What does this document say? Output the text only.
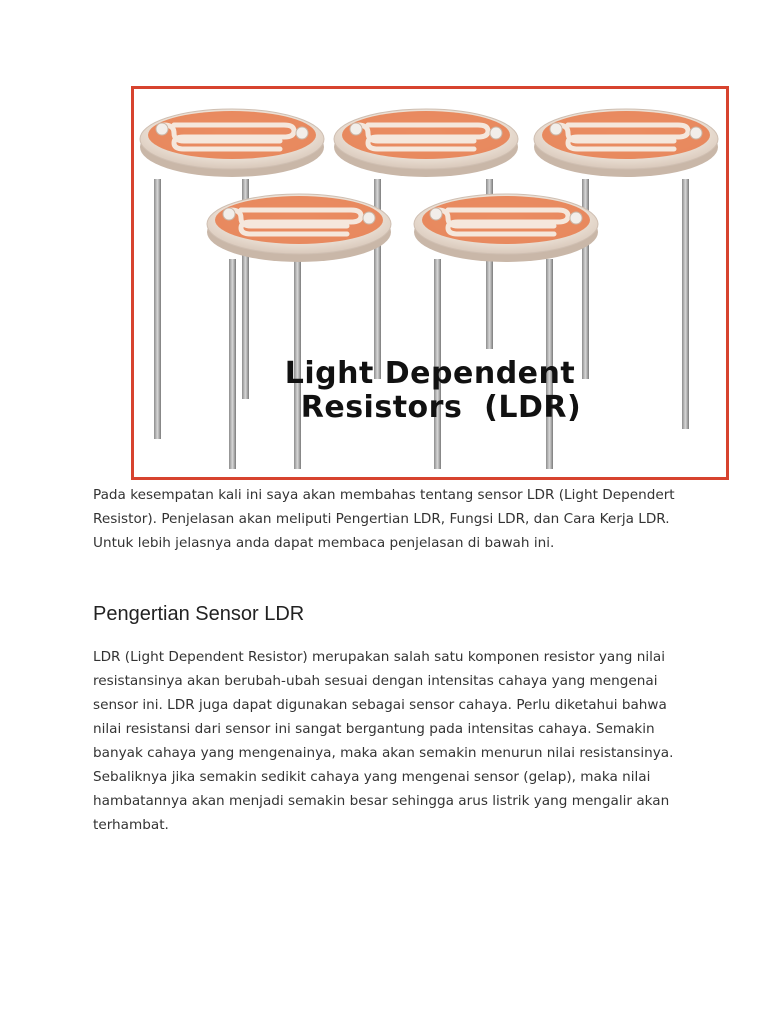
Light Dependent
Resistors  (LDR)

Pada kesempatan kali ini saya akan membahas tentang sensor LDR (Light Dependert Resistor). Penjelasan akan meliputi Pengertian LDR, Fungsi LDR, dan Cara Kerja LDR. Untuk lebih jelasnya anda dapat membaca penjelasan di bawah ini.

Pengertian Sensor LDR

LDR (Light Dependent Resistor) merupakan salah satu komponen resistor yang nilai resistansinya akan berubah-ubah sesuai dengan intensitas cahaya yang mengenai sensor ini. LDR juga dapat digunakan sebagai sensor cahaya. Perlu diketahui bahwa nilai resistansi dari sensor ini sangat bergantung pada intensitas cahaya. Semakin banyak cahaya yang mengenainya, maka akan semakin menurun nilai resistansinya. Sebaliknya jika semakin sedikit cahaya yang mengenai sensor (gelap), maka nilai hambatannya akan menjadi semakin besar sehingga arus listrik yang mengalir akan terhambat.
